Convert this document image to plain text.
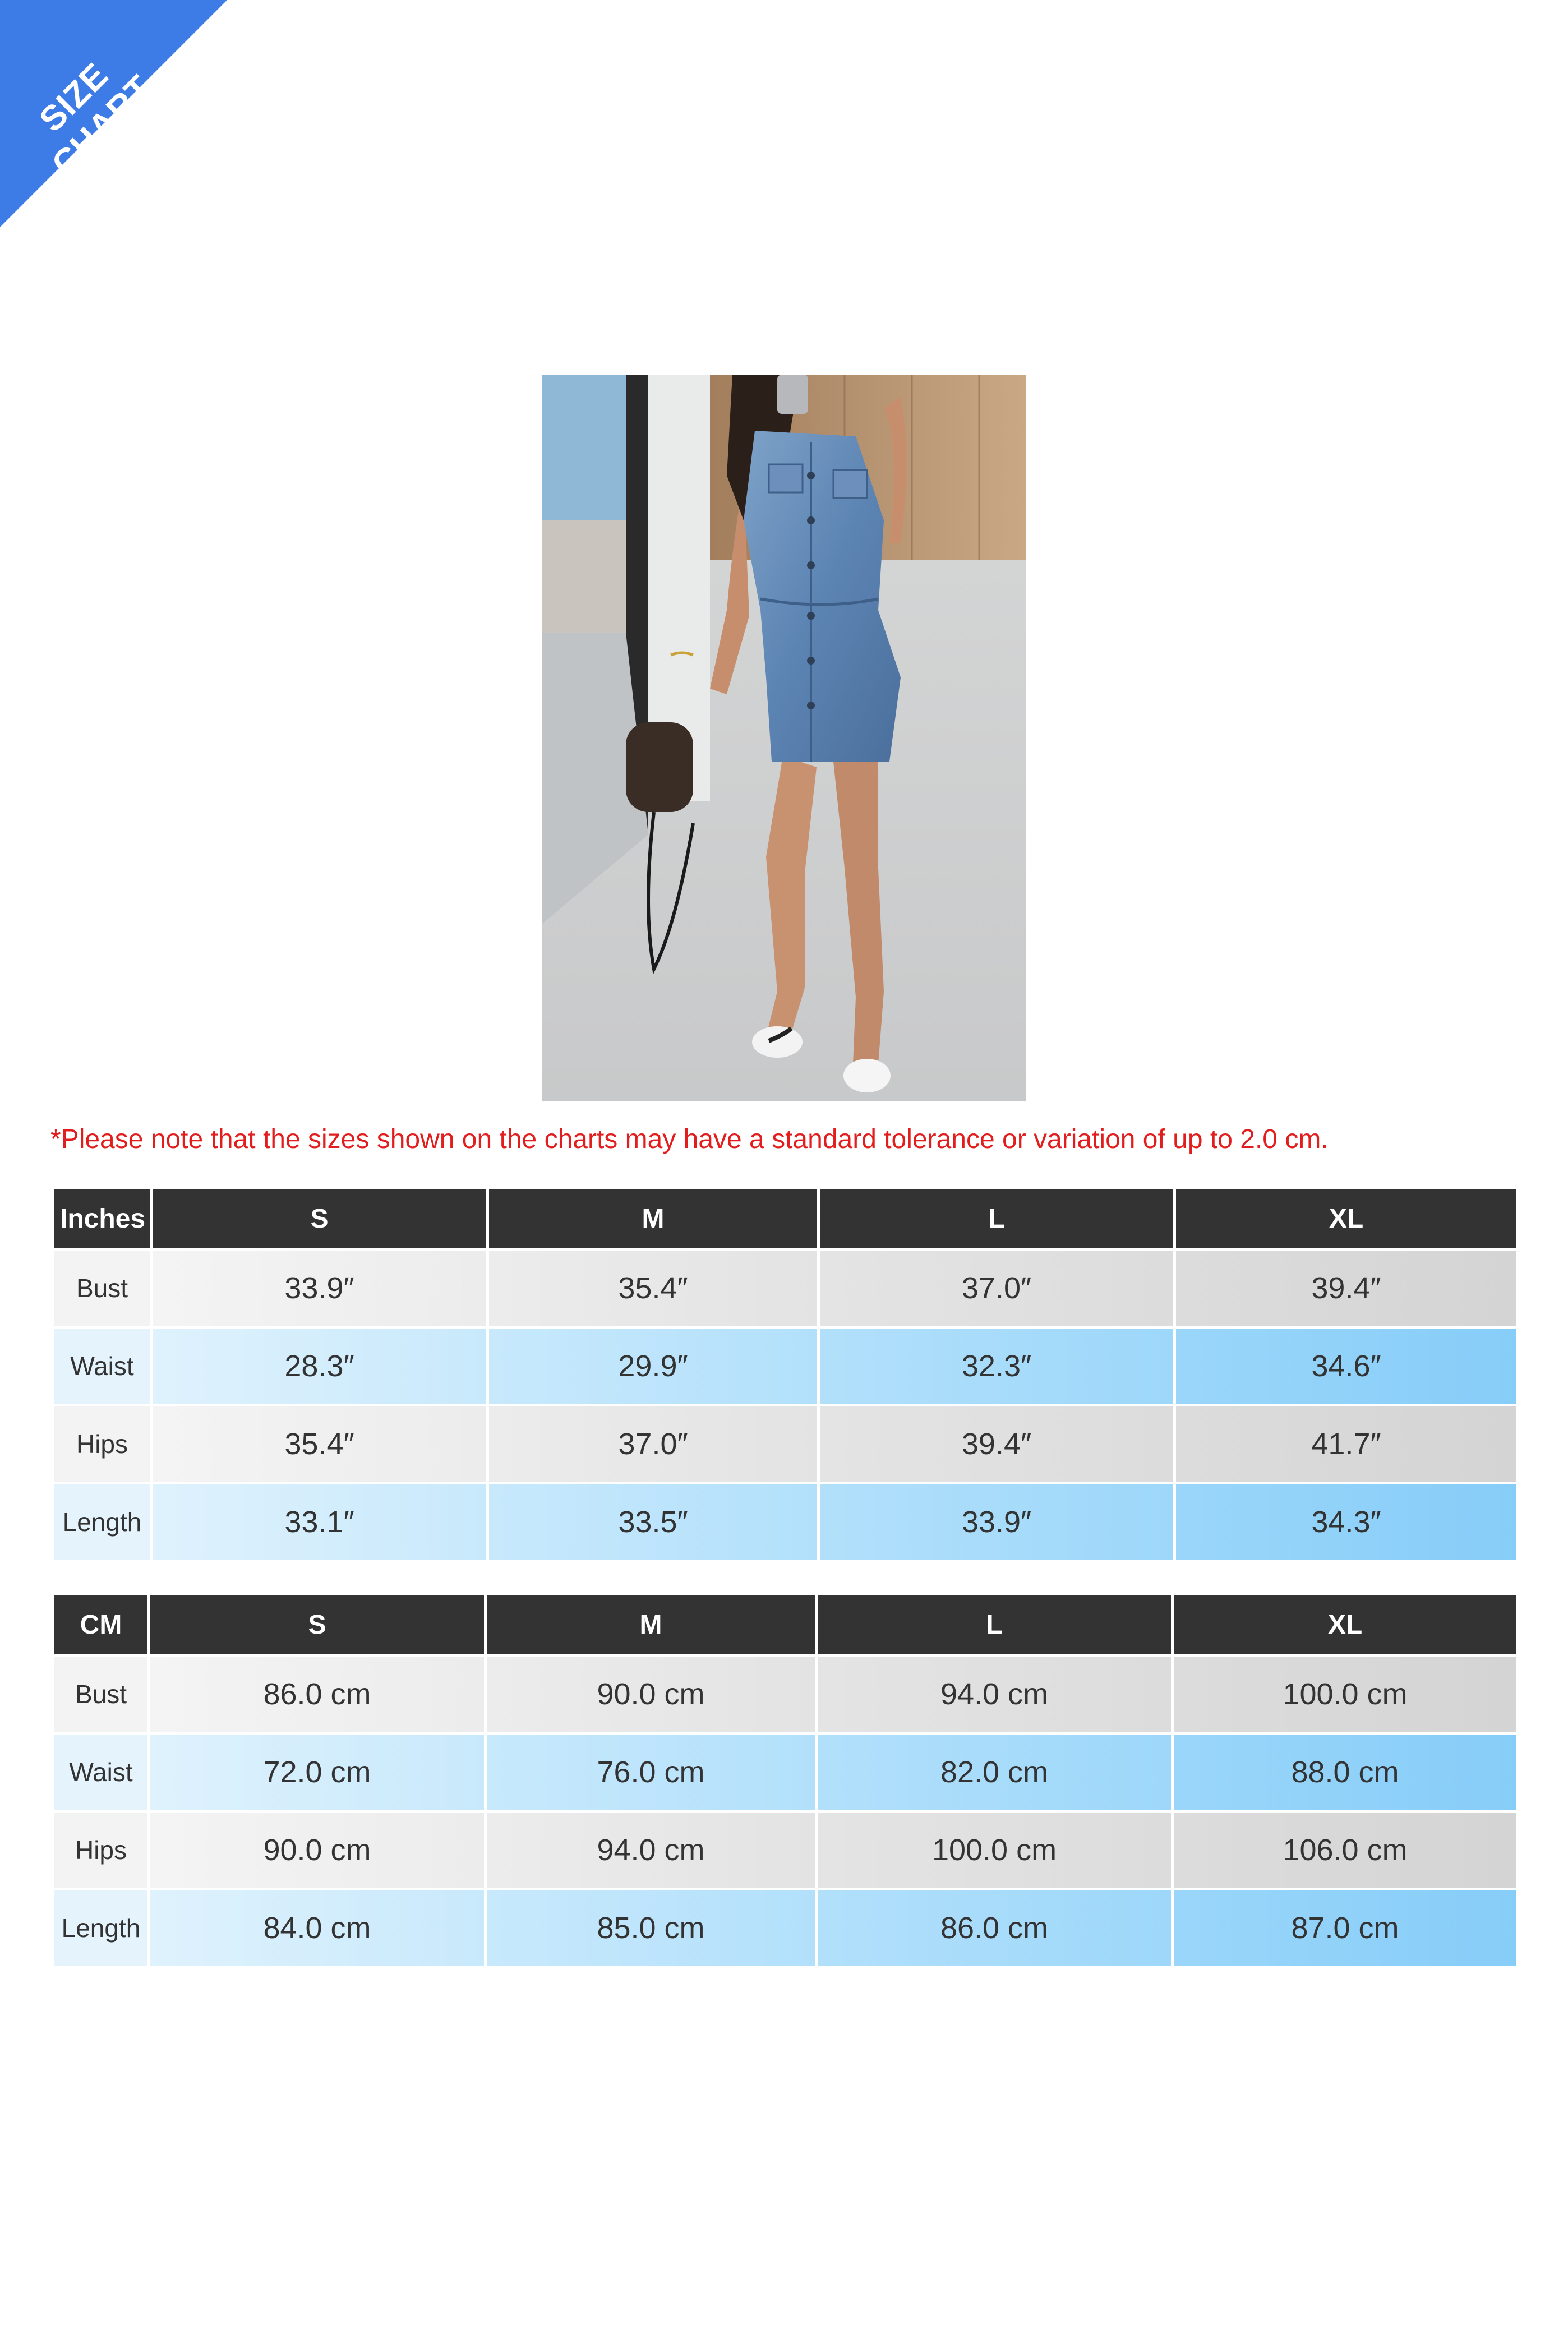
SIZE CHART
*Please note that the sizes shown on the charts may have a standard tolerance or variation of up to 2.0 cm.
Inches	S	M	L	XL
Bust	33.9″	35.4″	37.0″	39.4″
Waist	28.3″	29.9″	32.3″	34.6″
Hips	35.4″	37.0″	39.4″	41.7″
Length	33.1″	33.5″	33.9″	34.3″
CM	S	M	L	XL
Bust	86.0 cm	90.0 cm	94.0 cm	100.0 cm
Waist	72.0 cm	76.0 cm	82.0 cm	88.0 cm
Hips	90.0 cm	94.0 cm	100.0 cm	106.0 cm
Length	84.0 cm	85.0 cm	86.0 cm	87.0 cm
